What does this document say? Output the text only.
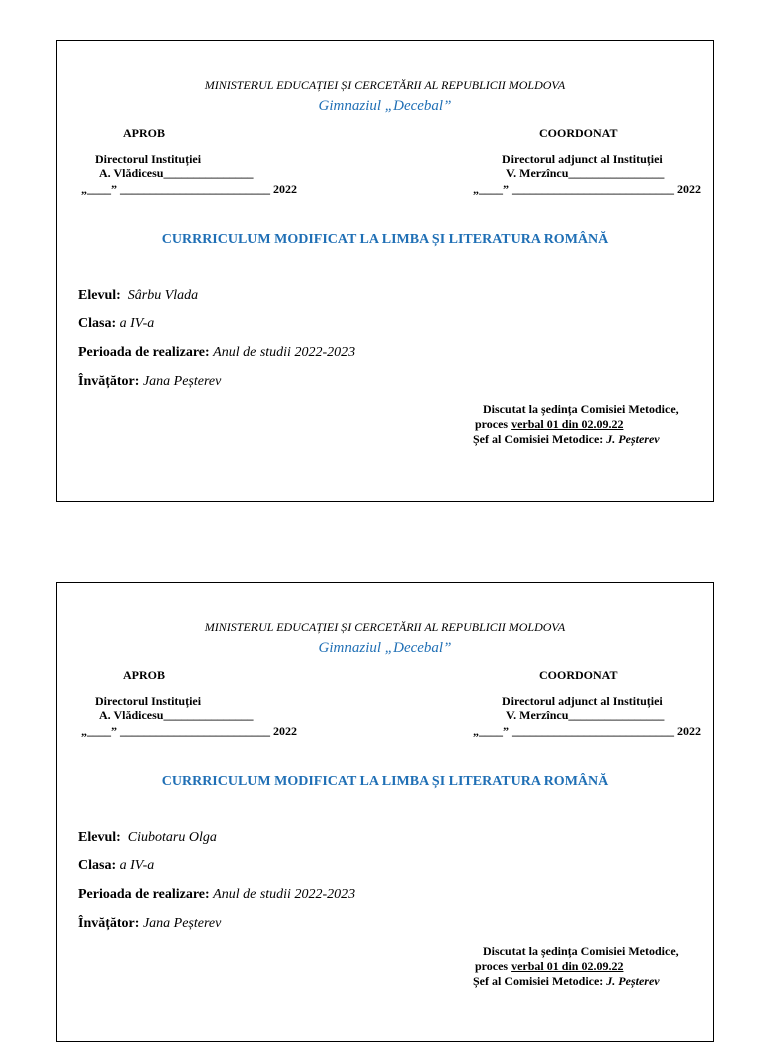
MINISTERUL EDUCAȚIEI ȘI CERCETĂRII AL REPUBLICII MOLDOVA
Gimnaziul „Decebal”
APROB	COORDONAT
Directorul Instituției
A. Vlădicesu_______________
„____” _________________________ 2022
Directorul adjunct al Instituției
V. Merzîncu________________
„____” ___________________________ 2022
CURRRICULUM MODIFICAT LA LIMBA ȘI LITERATURA ROMÂNĂ
Elevul: Sârbu Vlada
Clasa: a IV-a
Perioada de realizare: Anul de studii 2022-2023
Învățător: Jana Peșterev
Discutat la ședința Comisiei Metodice,
proces verbal 01 din 02.09.22
Șef al Comisiei Metodice: J. Peșterev
MINISTERUL EDUCAȚIEI ȘI CERCETĂRII AL REPUBLICII MOLDOVA
Gimnaziul „Decebal”
APROB	COORDONAT
Directorul Instituției
A. Vlădicesu_______________
„____” _________________________ 2022
Directorul adjunct al Instituției
V. Merzîncu________________
„____” ___________________________ 2022
CURRRICULUM MODIFICAT LA LIMBA ȘI LITERATURA ROMÂNĂ
Elevul: Ciubotaru Olga
Clasa: a IV-a
Perioada de realizare: Anul de studii 2022-2023
Învățător: Jana Peșterev
Discutat la ședința Comisiei Metodice,
proces verbal 01 din 02.09.22
Șef al Comisiei Metodice: J. Peșterev
